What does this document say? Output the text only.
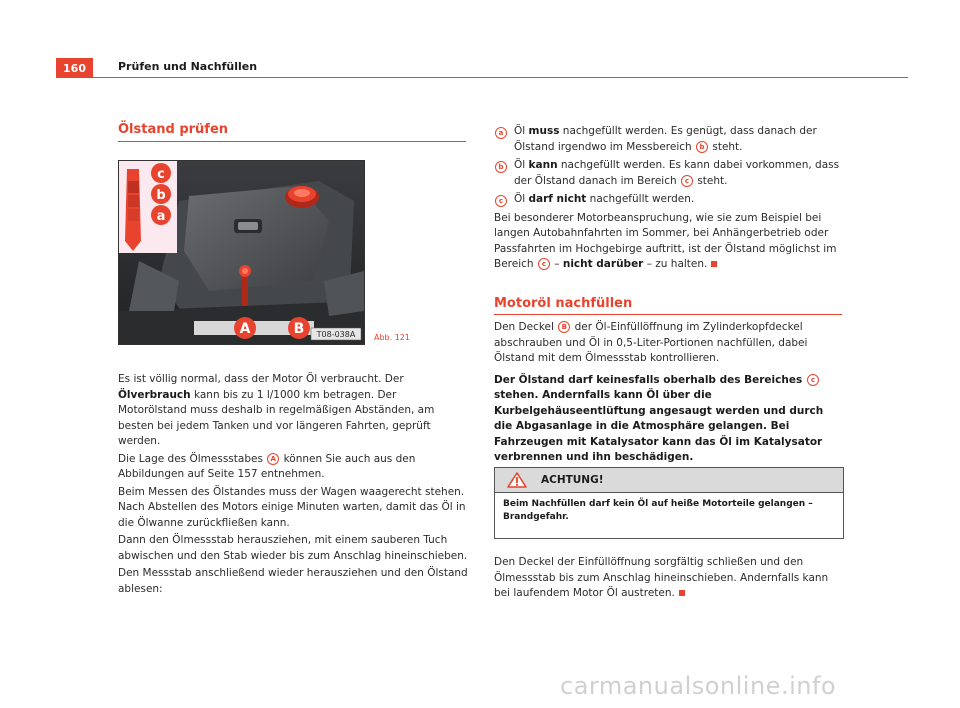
160	Prüfen und Nachfüllen
Ölstand prüfen
c
b
a
A	B T08-038A Abb. 121

Es ist völlig normal, dass der Motor Öl verbraucht. Der Ölverbrauch kann bis zu 1 l/1000 km betragen. Der Motorölstand muss deshalb in regelmäßigen Abständen, am besten bei jedem Tanken und vor längeren Fahrten, geprüft werden.

Die Lage des Ölmessstabes A können Sie auch aus den Abbildungen auf Seite 157 entnehmen.

Beim Messen des Ölstandes muss der Wagen waagerecht stehen. Nach Abstellen des Motors einige Minuten warten, damit das Öl in die Ölwanne zurückfließen kann.

Dann den Ölmessstab herausziehen, mit einem sauberen Tuch abwischen und den Stab wieder bis zum Anschlag hineinschieben.

Den Messstab anschließend wieder herausziehen und den Ölstand ablesen:

a	Öl muss nachgefüllt werden. Es genügt, dass danach der Ölstand irgendwo im Messbereich b steht.
b	Öl kann nachgefüllt werden. Es kann dabei vorkommen, dass der Ölstand danach im Bereich c steht.
c	Öl darf nicht nachgefüllt werden.

Bei besonderer Motorbeanspruchung, wie sie zum Beispiel bei langen Autobahnfahrten im Sommer, bei Anhängerbetrieb oder Passfahrten im Hochgebirge auftritt, ist der Ölstand möglichst im Bereich c – nicht darüber – zu halten.

Motoröl nachfüllen

Den Deckel B der Öl-Einfüllöffnung im Zylinderkopfdeckel abschrauben und Öl in 0,5-Liter-Portionen nachfüllen, dabei Ölstand mit dem Ölmessstab kontrollieren.

Der Ölstand darf keinesfalls oberhalb des Bereiches c stehen. Andernfalls kann Öl über die Kurbelgehäuseentlüftung angesaugt werden und durch die Abgasanlage in die Atmosphäre gelangen. Bei Fahrzeugen mit Katalysator kann das Öl im Katalysator verbrennen und ihn beschädigen.

ACHTUNG!
Beim Nachfüllen darf kein Öl auf heiße Motorteile gelangen – Brandgefahr.

Den Deckel der Einfüllöffnung sorgfältig schließen und den Ölmessstab bis zum Anschlag hineinschieben. Andernfalls kann bei laufendem Motor Öl austreten.

carmanualsonline.info
